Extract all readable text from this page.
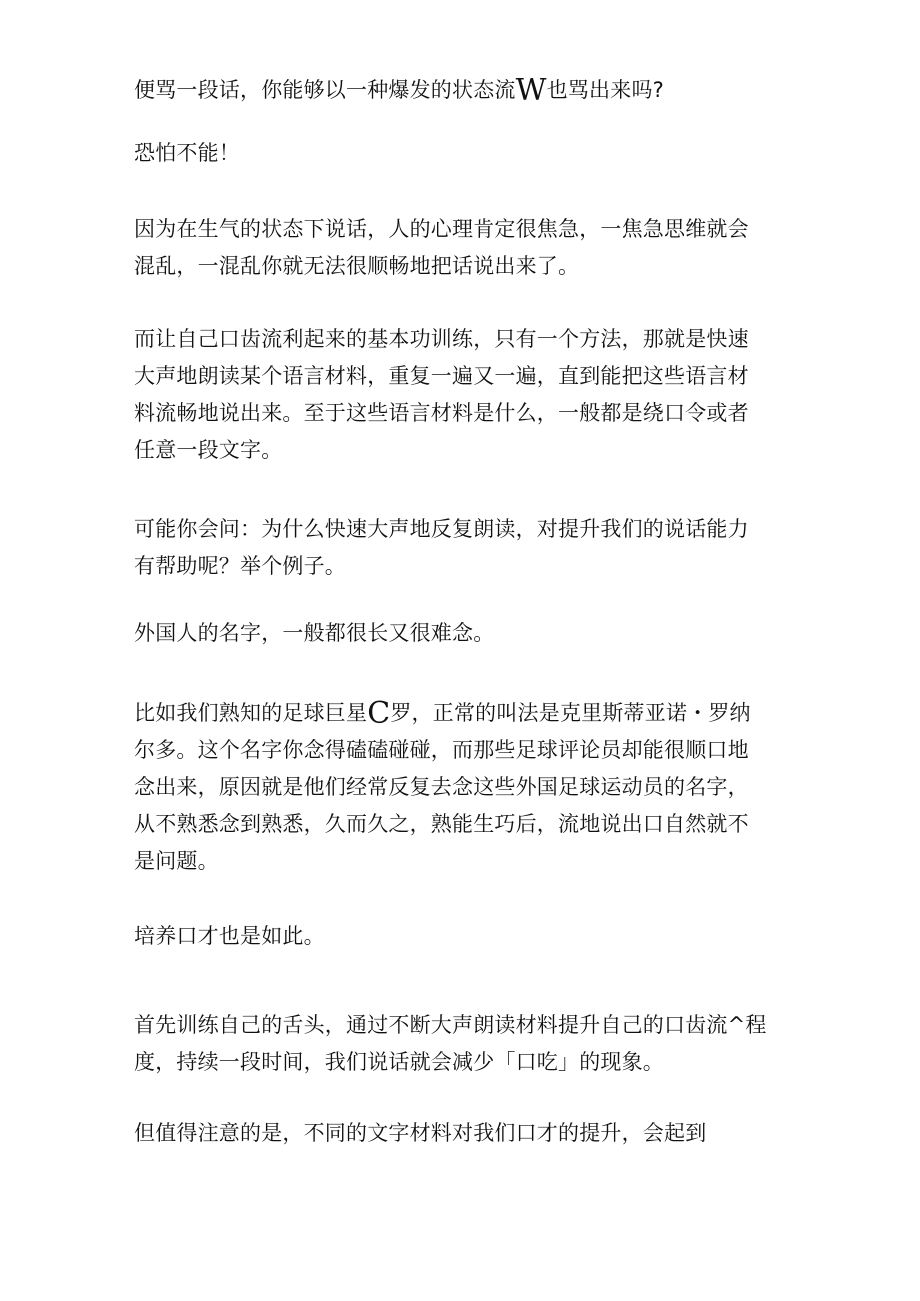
便骂一段话，你能够以一种爆发的状态流W也骂出来吗?

恐怕不能！

因为在生气的状态下说话，人的心理肯定很焦急，一焦急思维就会
混乱，一混乱你就无法很顺畅地把话说出来了。

而让自己口齿流利起来的基本功训练，只有一个方法，那就是快速
大声地朗读某个语言材料，重复一遍又一遍，直到能把这些语言材
料流畅地说出来。至于这些语言材料是什么，一般都是绕口令或者
任意一段文字。

可能你会问：为什么快速大声地反复朗读，对提升我们的说话能力
有帮助呢？举个例子。

外国人的名字，一般都很长又很难念。

比如我们熟知的足球巨星C罗，正常的叫法是克里斯蒂亚诺・罗纳
尔多。这个名字你念得磕磕碰碰，而那些足球评论员却能很顺口地
念出来，原因就是他们经常反复去念这些外国足球运动员的名字，
从不熟悉念到熟悉，久而久之，熟能生巧后，流地说出口自然就不
是问题。

培养口才也是如此。

首先训练自己的舌头，通过不断大声朗读材料提升自己的口齿流^程
度，持续一段时间，我们说话就会减少「口吃」的现象。

但值得注意的是，不同的文字材料对我们口才的提升，会起到
